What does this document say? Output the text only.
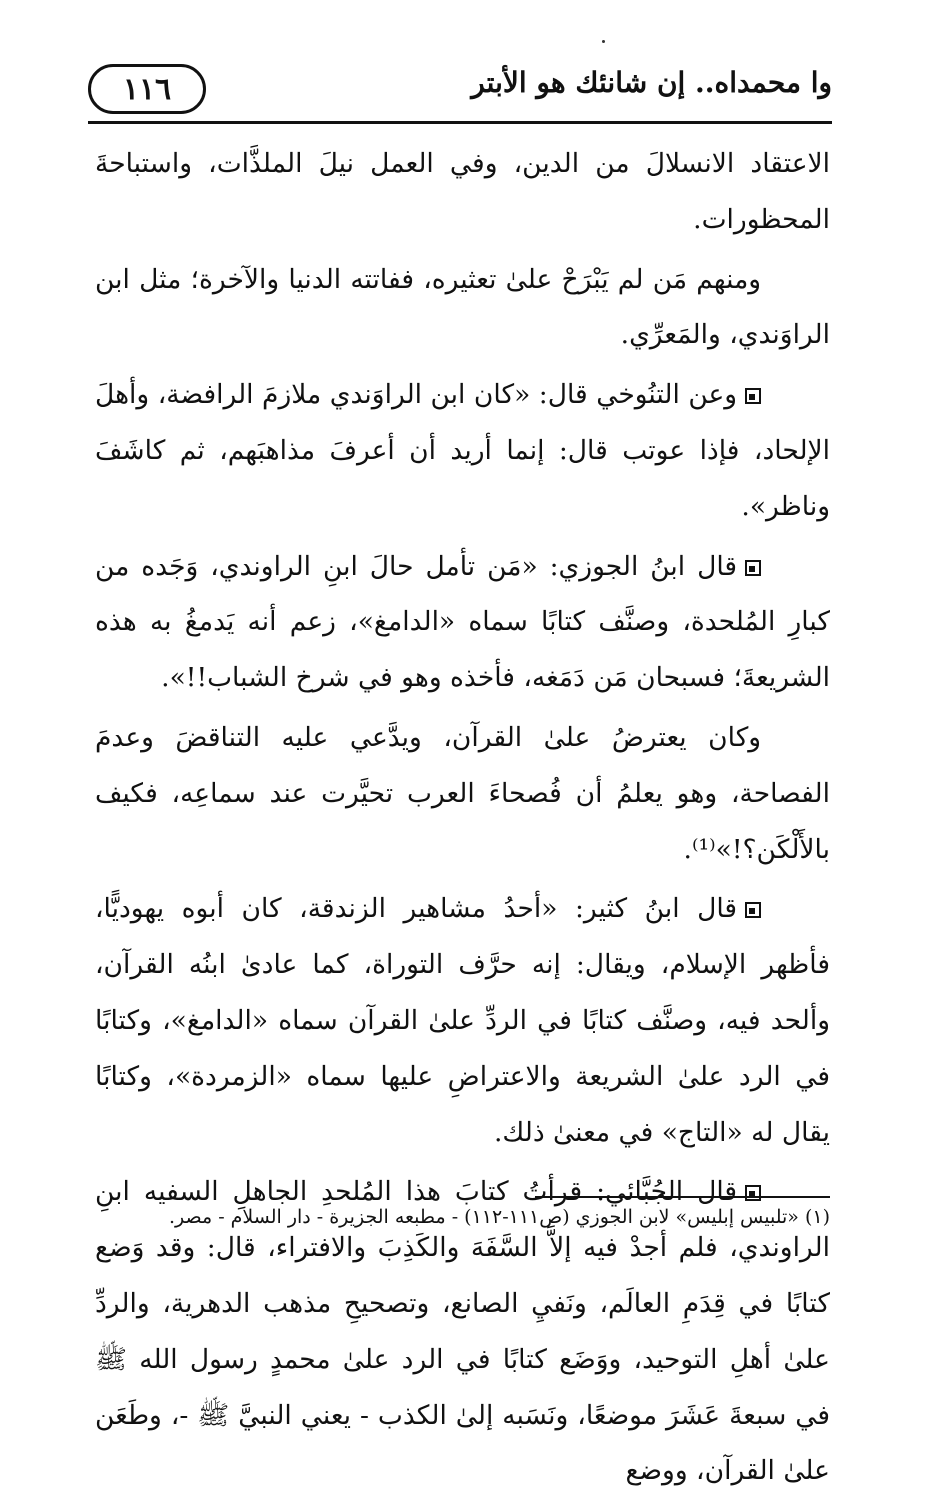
١١٦	وا محمداه.. إن شانئك هو الأبتر

الاعتقاد الانسلالَ من الدين، وفي العمل نيلَ الملذَّات، واستباحةَ المحظورات.

ومنهم مَن لم يَبْرَحْ علىٰ تعثيره، ففاتته الدنيا والآخرة؛ مثل ابن الراوَندي، والمَعرِّي.

وعن التنُوخي قال: «كان ابن الراوَندي ملازمَ الرافضة، وأهلَ الإلحاد، فإذا عوتب قال: إنما أريد أن أعرفَ مذاهبَهم، ثم كاشَفَ وناظر».

قال ابنُ الجوزي: «مَن تأمل حالَ ابنِ الراوندي، وَجَده من كبارِ المُلحدة، وصنَّف كتابًا سماه «الدامغ»، زعم أنه يَدمغُ به هذه الشريعةَ؛ فسبحان مَن دَمَغه، فأخذه وهو في شرخ الشباب!!».

وكان يعترضُ علىٰ القرآن، ويدَّعي عليه التناقضَ وعدمَ الفصاحة، وهو يعلمُ أن فُصحاءَ العرب تحيَّرت عند سماعِه، فكيف بالأَلْكَن؟!»⁽¹⁾.

قال ابنُ كثير: «أحدُ مشاهير الزندقة، كان أبوه يهوديًّا، فأظهر الإسلام، ويقال: إنه حرَّف التوراة، كما عادىٰ ابنُه القرآن، وألحد فيه، وصنَّف كتابًا في الردِّ علىٰ القرآن سماه «الدامغ»، وكتابًا في الرد علىٰ الشريعة والاعتراضِ عليها سماه «الزمردة»، وكتابًا يقال له «التاج» في معنىٰ ذلك.

قال الجُبَّائي: قرأتُ كتابَ هذا المُلحدِ الجاهلِ السفيه ابنِ الراوندي، فلم أجدْ فيه إلاَّ السَّفَهَ والكَذِبَ والافتراء، قال: وقد وَضع كتابًا في قِدَمِ العالَم، ونَفيِ الصانع، وتصحيحِ مذهب الدهرية، والردِّ علىٰ أهلِ التوحيد، ووَضَع كتابًا في الرد علىٰ محمدٍ رسول الله ﷺ في سبعةَ عَشَرَ موضعًا، ونَسَبه إلىٰ الكذب - يعني النبيَّ ﷺ -، وطَعَن علىٰ القرآن، ووضع

(١) «تلبيس إبليس» لابن الجوزي (ص١١١-١١٢) - مطبعه الجزيرة - دار السلام - مصر.
